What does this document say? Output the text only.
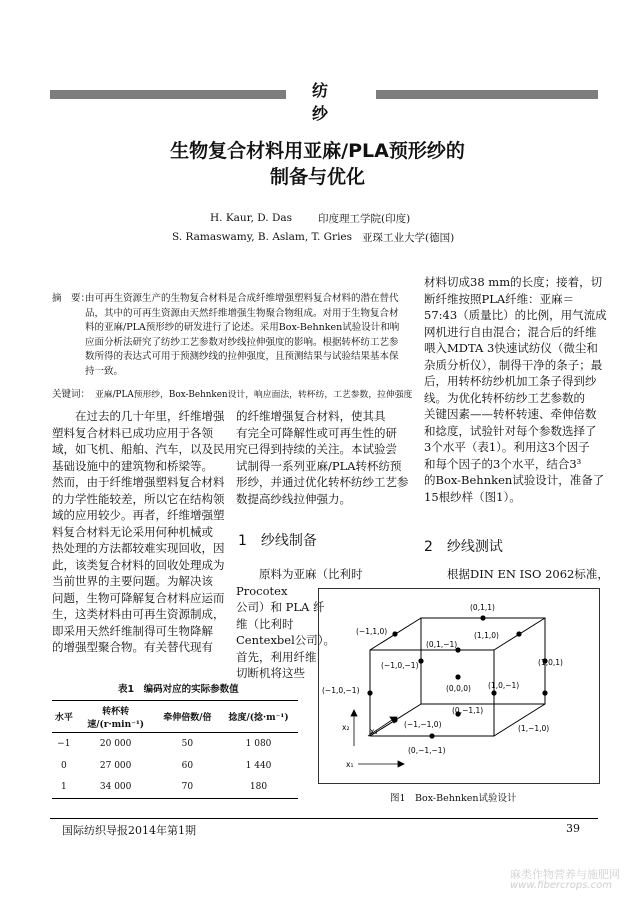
纺 纱
生物复合材料用亚麻/PLA预形纱的
制备与优化
H. Kaur, D. Das 印度理工学院(印度)
S. Ramaswamy, B. Aslam, T. Gries 亚琛工业大学(德国)
摘　要：
由可再生资源生产的生物复合材料是合成纤维增强塑料复合材料的潜在替代
品，其中的可再生资源由天然纤维增强生物聚合物组成。对用于生物复合材
料的亚麻/PLA预形纱的研发进行了论述。采用Box-Behnken试验设计和响
应面分析法研究了纺纱工艺参数对纱线拉伸强度的影响。根据转杯纺工艺参
数所得的表达式可用于预测纱线的拉伸强度，且预测结果与试验结果基本保
持一致。
关键词： 亚麻/PLA预形纱，Box-Behnken设计，响应面法，转杯纺，工艺参数，拉伸强度
　　在过去的几十年里，纤维增强
塑料复合材料已成功应用于各领
域，如飞机、船舶、汽车，以及民用
基础设施中的建筑物和桥梁等。
然而，由于纤维增强塑料复合材料
的力学性能较差，所以它在结构领
域的应用较少。再者，纤维增强塑
料复合材料无论采用何种机械或
热处理的方法都较难实现回收，因
此，该类复合材料的回收处理成为
当前世界的主要问题。为解决该
问题，生物可降解复合材料应运而
生，这类材料由可再生资源制成，
即采用天然纤维制得可生物降解
的增强型聚合物。有关替代现有
的纤维增强复合材料，使其具
有完全可降解性或可再生性的研
究已得到持续的关注。本试验尝
试制得一系列亚麻/PLA转杯纺预
形纱，并通过优化转杯纺纱工艺参
数提高纱线拉伸强力。
1　纱线制备
　　原料为亚麻（比利时 Procotex
公司）和 PLA 纤
维（比利时
Centexbel公司）。
首先，利用纤维
切断机将这些
材料切成38 mm的长度；接着，切
断纤维按照PLA纤维：亚麻＝
57:43（质量比）的比例，用气流成
网机进行自由混合；混合后的纤维
喂入MDTA 3快速试纺仪（微尘和
杂质分析仪），制得干净的条子；最
后，用转杯纺纱机加工条子得到纱
线。为优化转杯纺纱工艺参数的
关键因素——转杯转速、牵伸倍数
和捻度，试验针对每个参数选择了
3个水平（表1）。利用这3个因子
和每个因子的3个水平，结合3³
的Box-Behnken试验设计，准备了
15根纱样（图1）。
2　纱线测试
　　根据DIN EN ISO 2062标准，
表1　编码对应的实际参数值
水平	转杯转速/(r·min⁻¹)	牵伸倍数/倍	捻度/(捻·m⁻¹)
−1	20 000	50	1 080
0	27 000	60	1 440
1	34 000	70	180
x₁
x₂	x₃
(0,1,1)
(−1,1,0)	(1,1,0)
(0,1,−1)
(−1,0,−1)
(1,0,1)
(0,0,0) (1,0,−1)
(−1,0,−1)
(0,−1,1)
(−1,−1,0)	(1,−1,0)
(0,−1,−1)
图1　Box-Behnken试验设计
国际纺织导报2014年第1期	39
麻类作物营养与施肥网
www.fibercrops.com
